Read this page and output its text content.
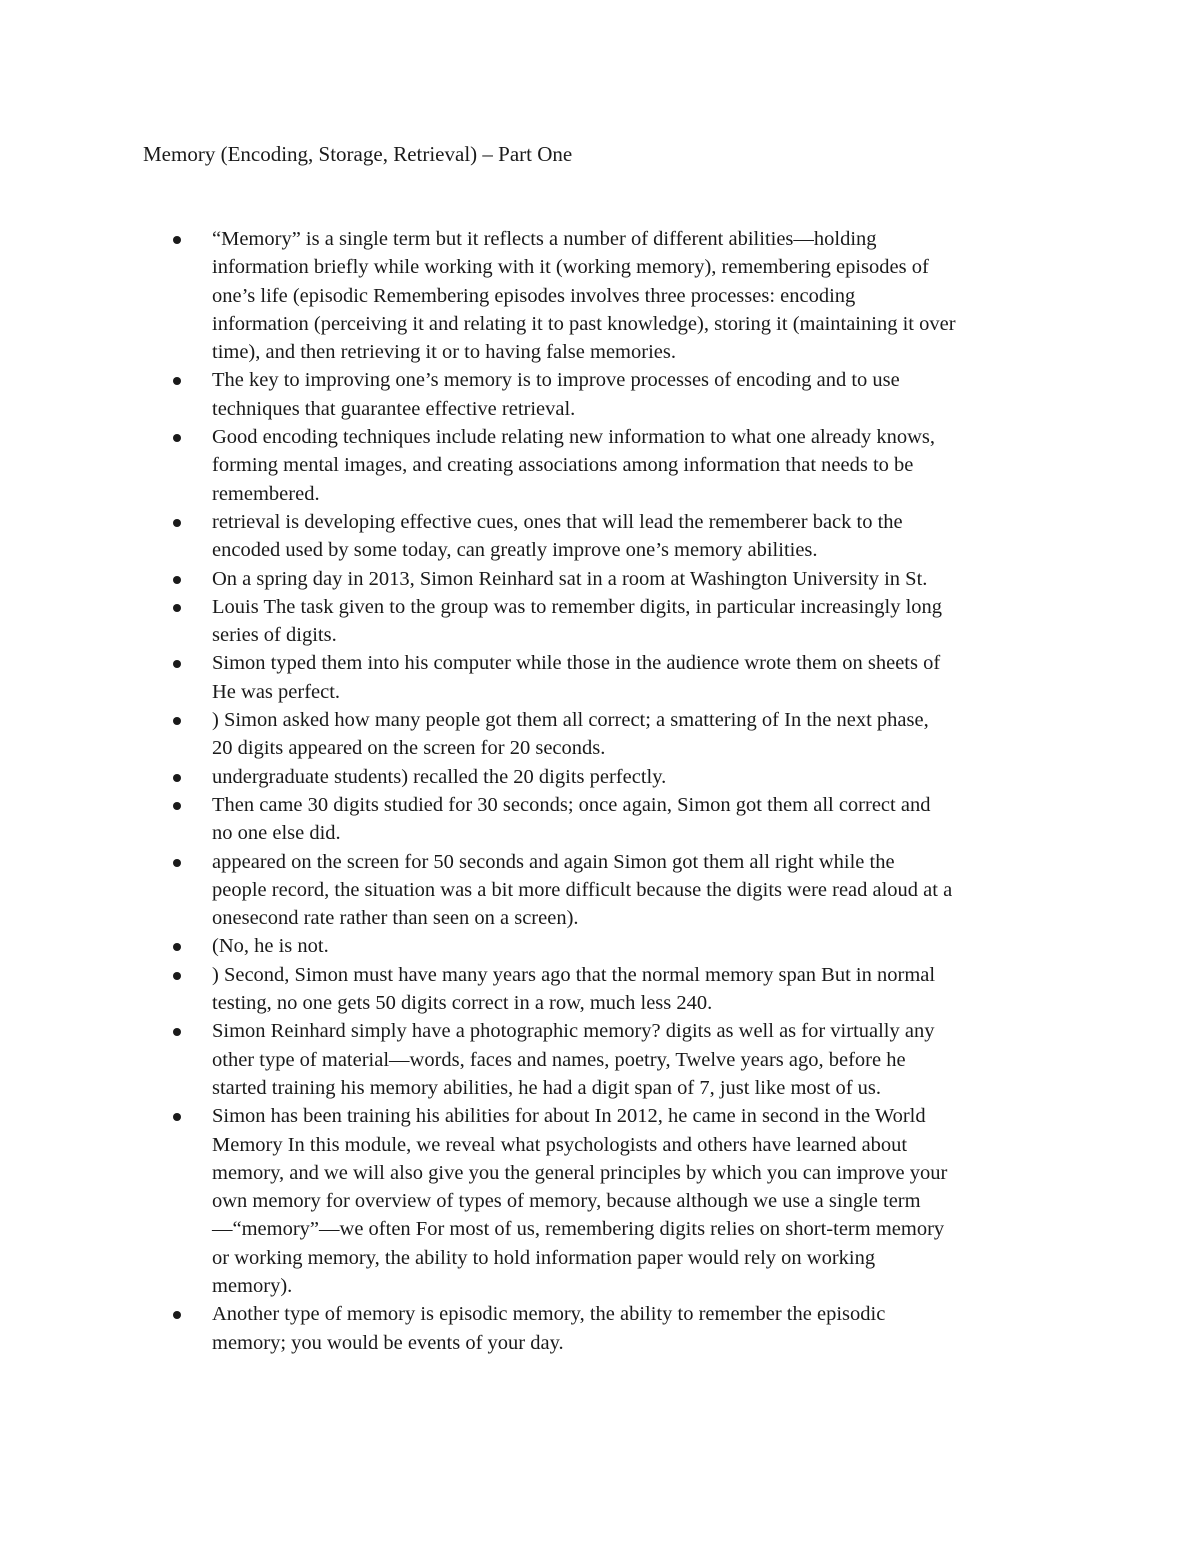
Memory (Encoding, Storage, Retrieval) – Part One
“Memory” is a single term but it reflects a number of different abilities—holding
information briefly while working with it (working memory), remembering episodes of
one’s life (episodic Remembering episodes involves three processes: encoding
information (perceiving it and relating it to past knowledge), storing it (maintaining it over
time), and then retrieving it or to having false memories.
The key to improving one’s memory is to improve processes of encoding and to use
techniques that guarantee effective retrieval.
Good encoding techniques include relating new information to what one already knows,
forming mental images, and creating associations among information that needs to be
remembered.
retrieval is developing effective cues, ones that will lead the rememberer back to the
encoded used by some today, can greatly improve one’s memory abilities.
On a spring day in 2013, Simon Reinhard sat in a room at Washington University in St.
Louis The task given to the group was to remember digits, in particular increasingly long
series of digits.
Simon typed them into his computer while those in the audience wrote them on sheets of
He was perfect.
) Simon asked how many people got them all correct; a smattering of In the next phase,
20 digits appeared on the screen for 20 seconds.
undergraduate students) recalled the 20 digits perfectly.
Then came 30 digits studied for 30 seconds; once again, Simon got them all correct and
no one else did.
appeared on the screen for 50 seconds and again Simon got them all right while the
people record, the situation was a bit more difficult because the digits were read aloud at a
onesecond rate rather than seen on a screen).
(No, he is not.
) Second, Simon must have many years ago that the normal memory span But in normal
testing, no one gets 50 digits correct in a row, much less 240.
Simon Reinhard simply have a photographic memory? digits as well as for virtually any
other type of material—words, faces and names, poetry, Twelve years ago, before he
started training his memory abilities, he had a digit span of 7, just like most of us.
Simon has been training his abilities for about In 2012, he came in second in the World
Memory In this module, we reveal what psychologists and others have learned about
memory, and we will also give you the general principles by which you can improve your
own memory for overview of types of memory, because although we use a single term
—“memory”—we often For most of us, remembering digits relies on short-term memory
or working memory, the ability to hold information paper would rely on working
memory).
Another type of memory is episodic memory, the ability to remember the episodic
memory; you would be events of your day.
